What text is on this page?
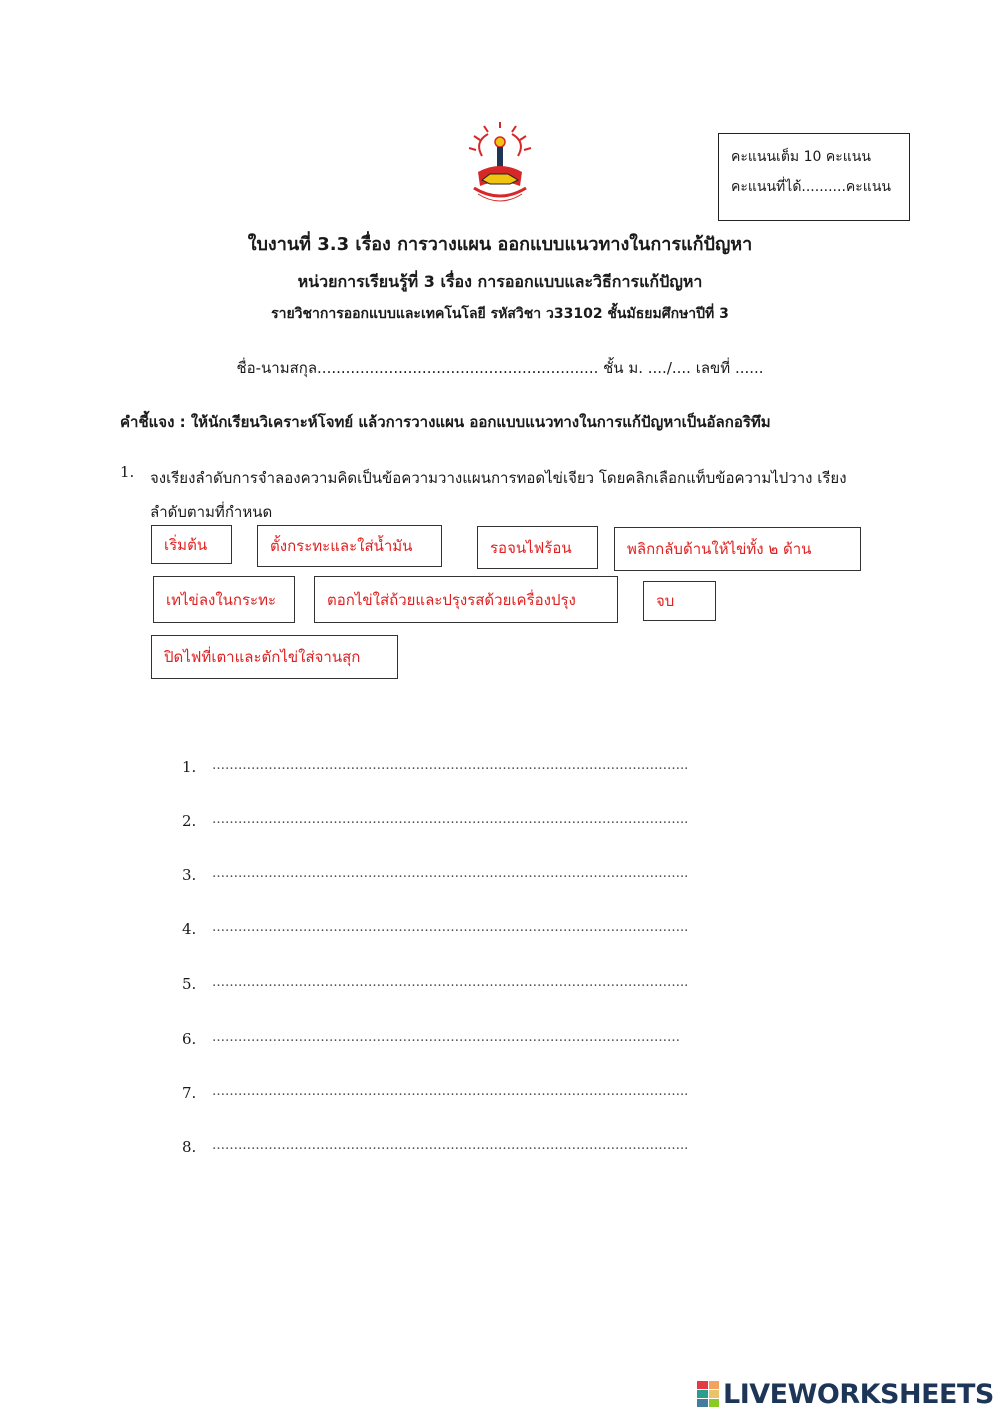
คะแนนเต็ม 10 คะแนน
คะแนนที่ได้..........คะแนน
ใบงานที่ 3.3 เรื่อง การวางแผน ออกแบบแนวทางในการแก้ปัญหา
หน่วยการเรียนรู้ที่ 3 เรื่อง การออกแบบและวิธีการแก้ปัญหา
รายวิชาการออกแบบและเทคโนโลยี รหัสวิชา ว33102 ชั้นมัธยมศึกษาปีที่ 3
ชื่อ-นามสกุล........................................................... ชั้น ม. ..../.... เลขที่ ......
คำชี้แจง : ให้นักเรียนวิเคราะห์โจทย์ แล้วการวางแผน ออกแบบแนวทางในการแก้ปัญหาเป็นอัลกอริทึม
1. จงเรียงลำดับการจำลองความคิดเป็นข้อความวางแผนการทอดไข่เจียว โดยคลิกเลือกแท็บข้อความไปวาง เรียงลำดับตามที่กำหนด
เริ่มต้น	ตั้งกระทะและใส่น้ำมัน	รอจนไฟร้อน	พลิกกลับด้านให้ไข่ทั้ง ๒ ด้าน
เทไข่ลงในกระทะ	ตอกไข่ใส่ถ้วยและปรุงรสด้วยเครื่องปรุง	จบ
ปิดไฟที่เตาและตักไข่ใส่จานสุก
1.	………………………………………………………………………………………………..
2.	………………………………………………………………………………………………..
3.	………………………………………………………………………………………………..
4.	………………………………………………………………………………………………..
5.	………………………………………………………………………………………………..
6.	………………………………………………………………………………………………
7.	………………………………………………………………………………………………..
8.	………………………………………………………………………………………………..
LIVEWORKSHEETS
